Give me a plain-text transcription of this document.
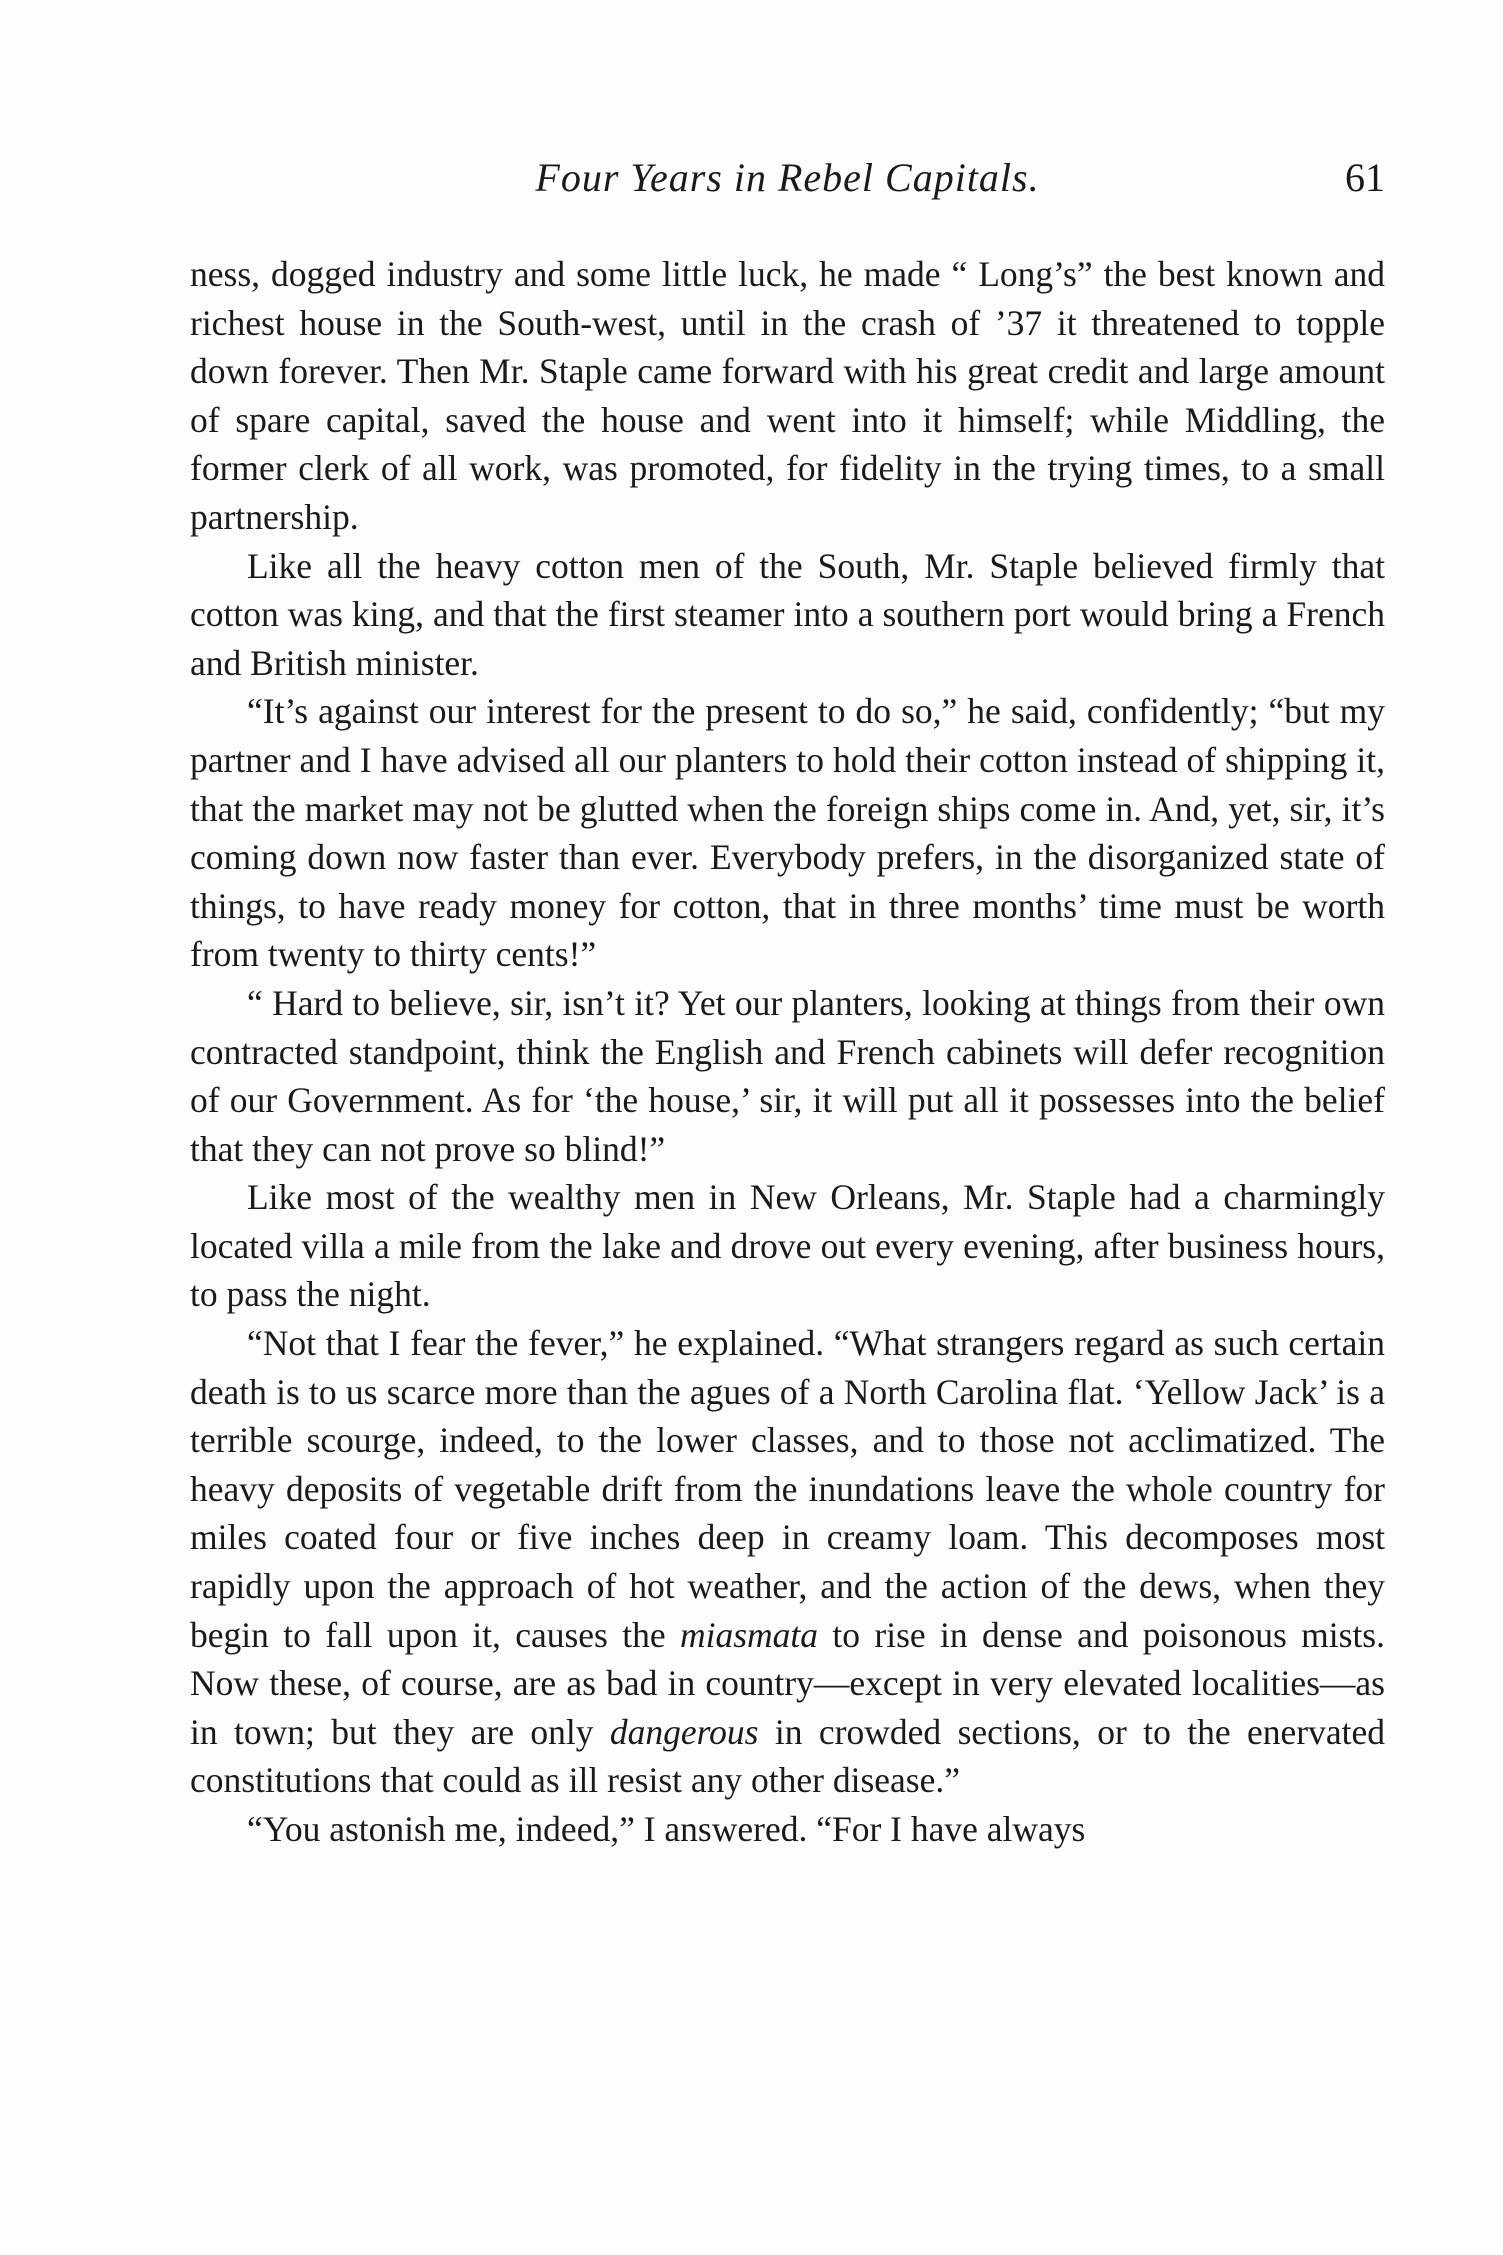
Four Years in Rebel Capitals.	61

ness, dogged industry and some little luck, he made “ Long’s” the best known and richest house in the South-west, until in the crash of ’37 it threatened to topple down forever. Then Mr. Staple came forward with his great credit and large amount of spare capital, saved the house and went into it himself; while Middling, the former clerk of all work, was promoted, for fidelity in the trying times, to a small partnership.

Like all the heavy cotton men of the South, Mr. Staple believed firmly that cotton was king, and that the first steamer into a southern port would bring a French and British minister.

“It’s against our interest for the present to do so,” he said, confidently; “but my partner and I have advised all our planters to hold their cotton instead of shipping it, that the market may not be glutted when the foreign ships come in. And, yet, sir, it’s coming down now faster than ever. Everybody prefers, in the disorganized state of things, to have ready money for cotton, that in three months’ time must be worth from twenty to thirty cents!”

“ Hard to believe, sir, isn’t it? Yet our planters, looking at things from their own contracted standpoint, think the English and French cabinets will defer recognition of our Government. As for ‘the house,’ sir, it will put all it possesses into the belief that they can not prove so blind!”

Like most of the wealthy men in New Orleans, Mr. Staple had a charmingly located villa a mile from the lake and drove out every evening, after business hours, to pass the night.

“Not that I fear the fever,” he explained. “What strangers regard as such certain death is to us scarce more than the agues of a North Carolina flat. ‘Yellow Jack’ is a terrible scourge, indeed, to the lower classes, and to those not acclimatized. The heavy deposits of vegetable drift from the inundations leave the whole country for miles coated four or five inches deep in creamy loam. This decomposes most rapidly upon the approach of hot weather, and the action of the dews, when they begin to fall upon it, causes the miasmata to rise in dense and poisonous mists. Now these, of course, are as bad in country—except in very elevated localities—as in town; but they are only dangerous in crowded sections, or to the enervated constitutions that could as ill resist any other disease.”

“You astonish me, indeed,” I answered. “For I have always
